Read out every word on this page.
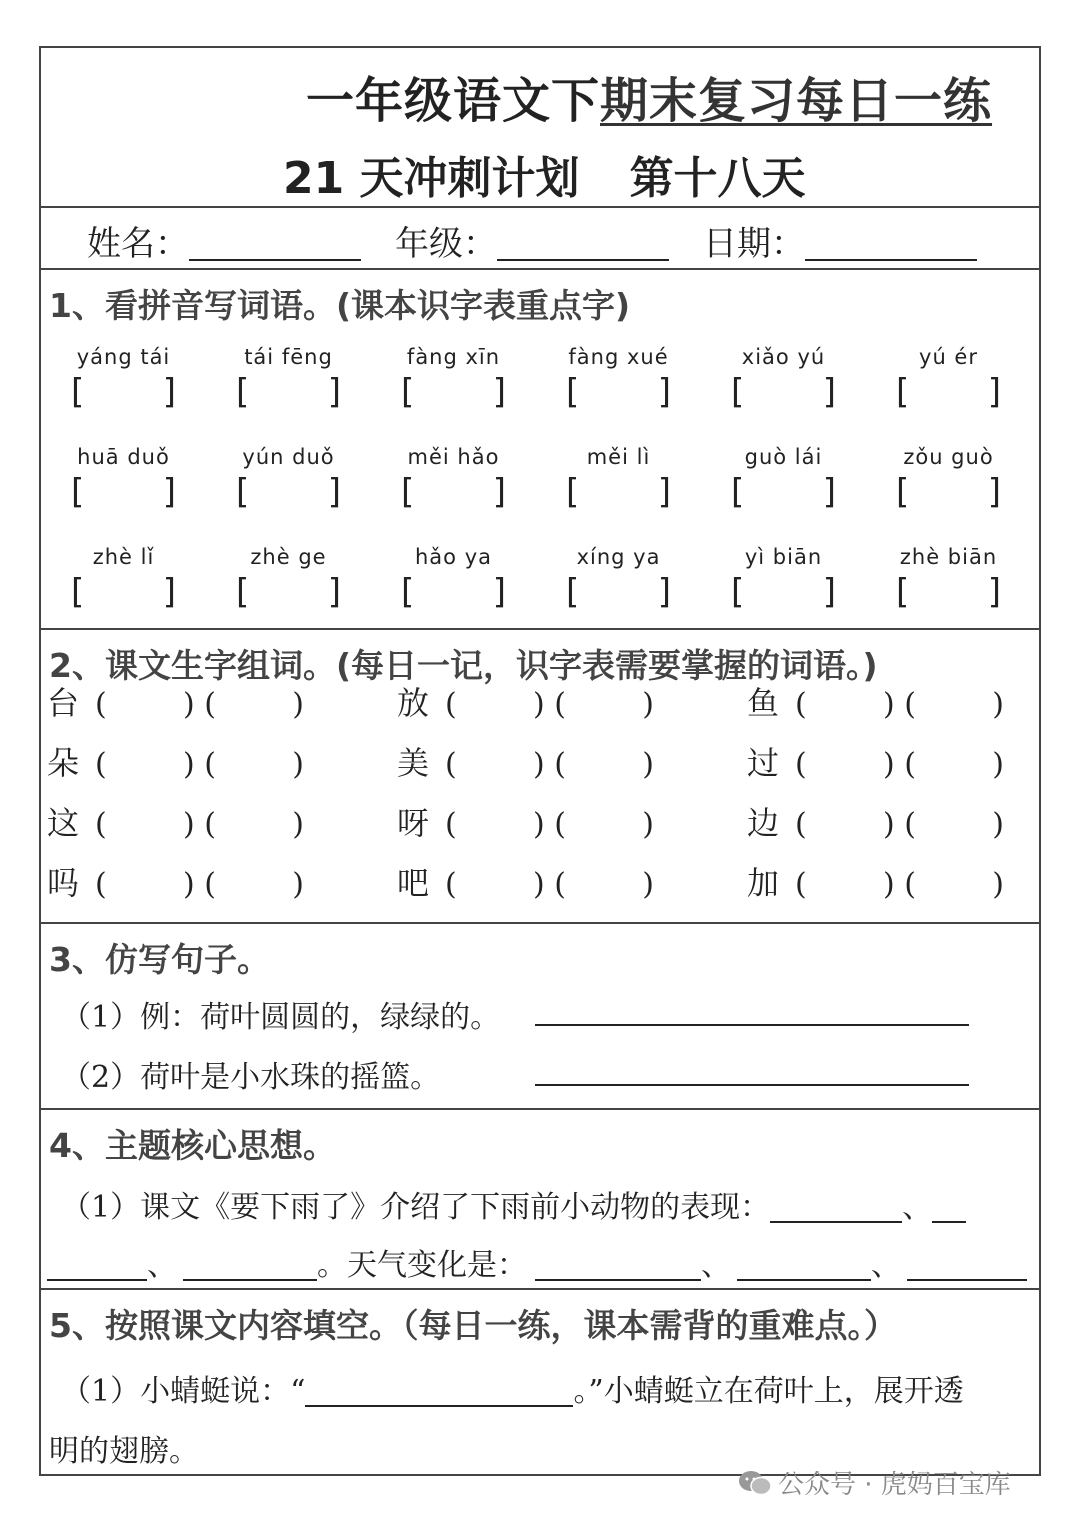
一年级语文下期末复习每日一练
21 天冲刺计划 第十八天
姓名：	年级：	日期：
1、看拼音写词语。(课本识字表重点字)
yáng tái
[ ]
tái fēng
[ ]
fàng xīn
[ ]
fàng xué
[ ]
xiǎo yú
[ ]
yú ér
[ ]
huā duǒ
[ ]
yún duǒ
[ ]
měi hǎo
[ ]
měi lì
[ ]
guò lái
[ ]
zǒu guò
[ ]
zhè lǐ
[ ]
zhè ge
[ ]
hǎo ya
[ ]
xíng ya
[ ]
yì biān
[ ]
zhè biān
[ ]
2、课文生字组词。(每日一记，识字表需要掌握的词语。)
台 (        ) (        )	放 (        ) (        )	鱼 (        ) (        )
朵 (        ) (        )	美 (        ) (        )	过 (        ) (        )
这 (        ) (        )	呀 (        ) (        )	边 (        ) (        )
吗 (        ) (        )	吧 (        ) (        )	加 (        ) (        )
3、仿写句子。
（1）例：荷叶圆圆的，绿绿的。
（2）荷叶是小水珠的摇篮。
4、主题核心思想。
（1）课文《要下雨了》介绍了下雨前小动物的表现：	、
、	。天气变化是：	、	、
5、按照课文内容填空。（每日一练，课本需背的重难点。）
（1）小蜻蜓说：“	。”小蜻蜓立在荷叶上，展开透
明的翅膀。
公众号 · 虎妈百宝库
